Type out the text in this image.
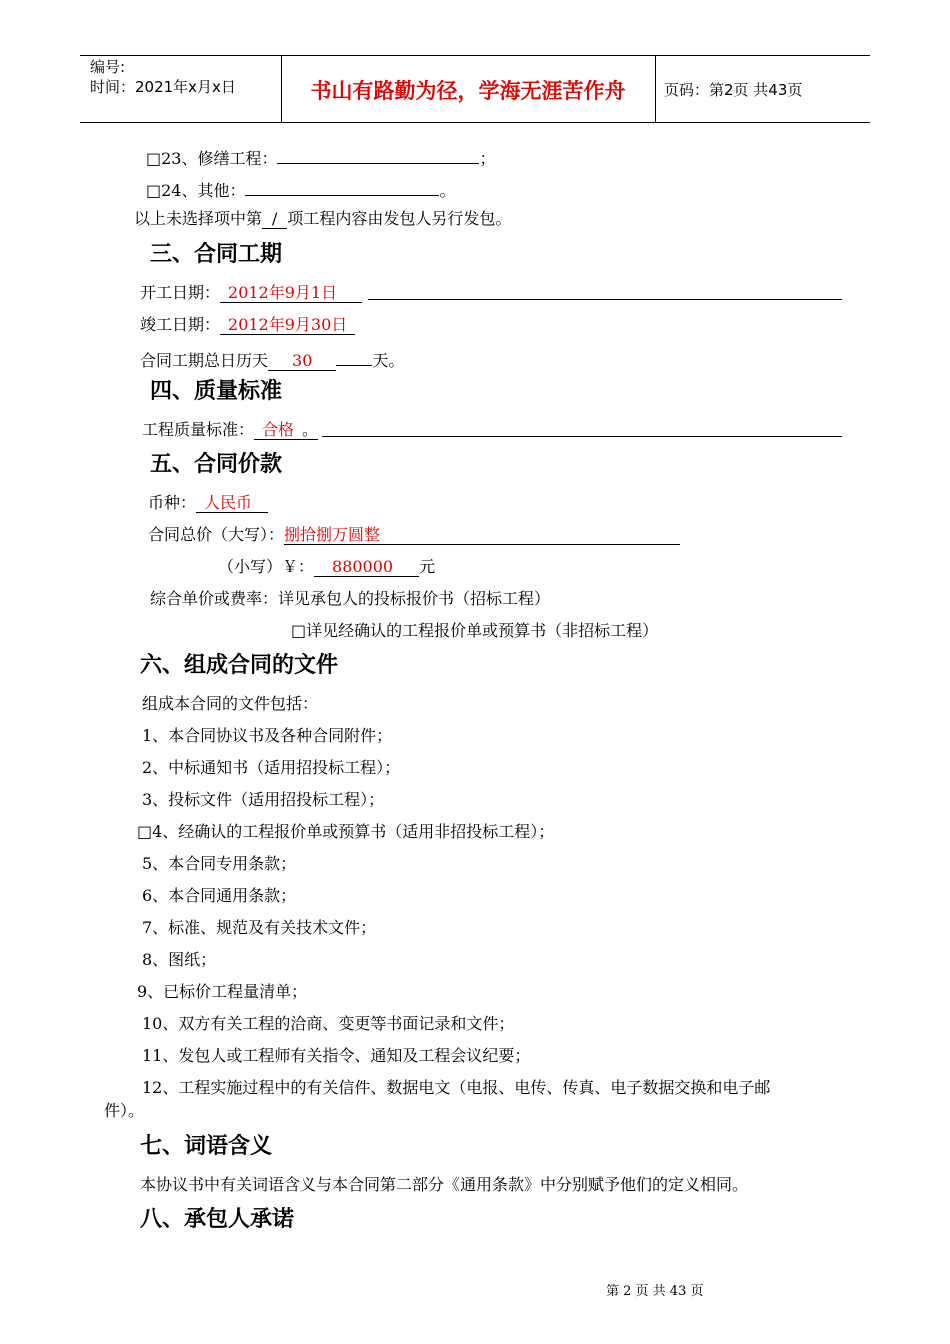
编号:
时间：2021年x月x日	书山有路勤为径，学海无涯苦作舟	页码：第2页 共43页
□23、修缮工程：	；
□24、其他：	。
以上未选择项中第 / 项工程内容由发包人另行发包。
三、合同工期
开工日期： 2012年9月1日
竣工日期： 2012年9月30日
合同工期总日历天 30	天。
四、质量标准
工程质量标准： 合格 。
五、合同价款
币种： 人民币
合同总价（大写）：捌拾捌万圆整
（小写）￥： 880000 元
综合单价或费率：详见承包人的投标报价书（招标工程）
□详见经确认的工程报价单或预算书（非招标工程）
六、组成合同的文件
组成本合同的文件包括：
1、本合同协议书及各种合同附件；
2、中标通知书（适用招投标工程）；
3、投标文件（适用招投标工程）；
□4、经确认的工程报价单或预算书（适用非招投标工程）；
5、本合同专用条款；
6、本合同通用条款；
7、标准、规范及有关技术文件；
8、图纸；
9、已标价工程量清单；
10、双方有关工程的洽商、变更等书面记录和文件；
11、发包人或工程师有关指令、通知及工程会议纪要；
12、工程实施过程中的有关信件、数据电文（电报、电传、传真、电子数据交换和电子邮
件）。
七、词语含义
本协议书中有关词语含义与本合同第二部分《通用条款》中分别赋予他们的定义相同。
八、承包人承诺
第 2 页 共 43 页
